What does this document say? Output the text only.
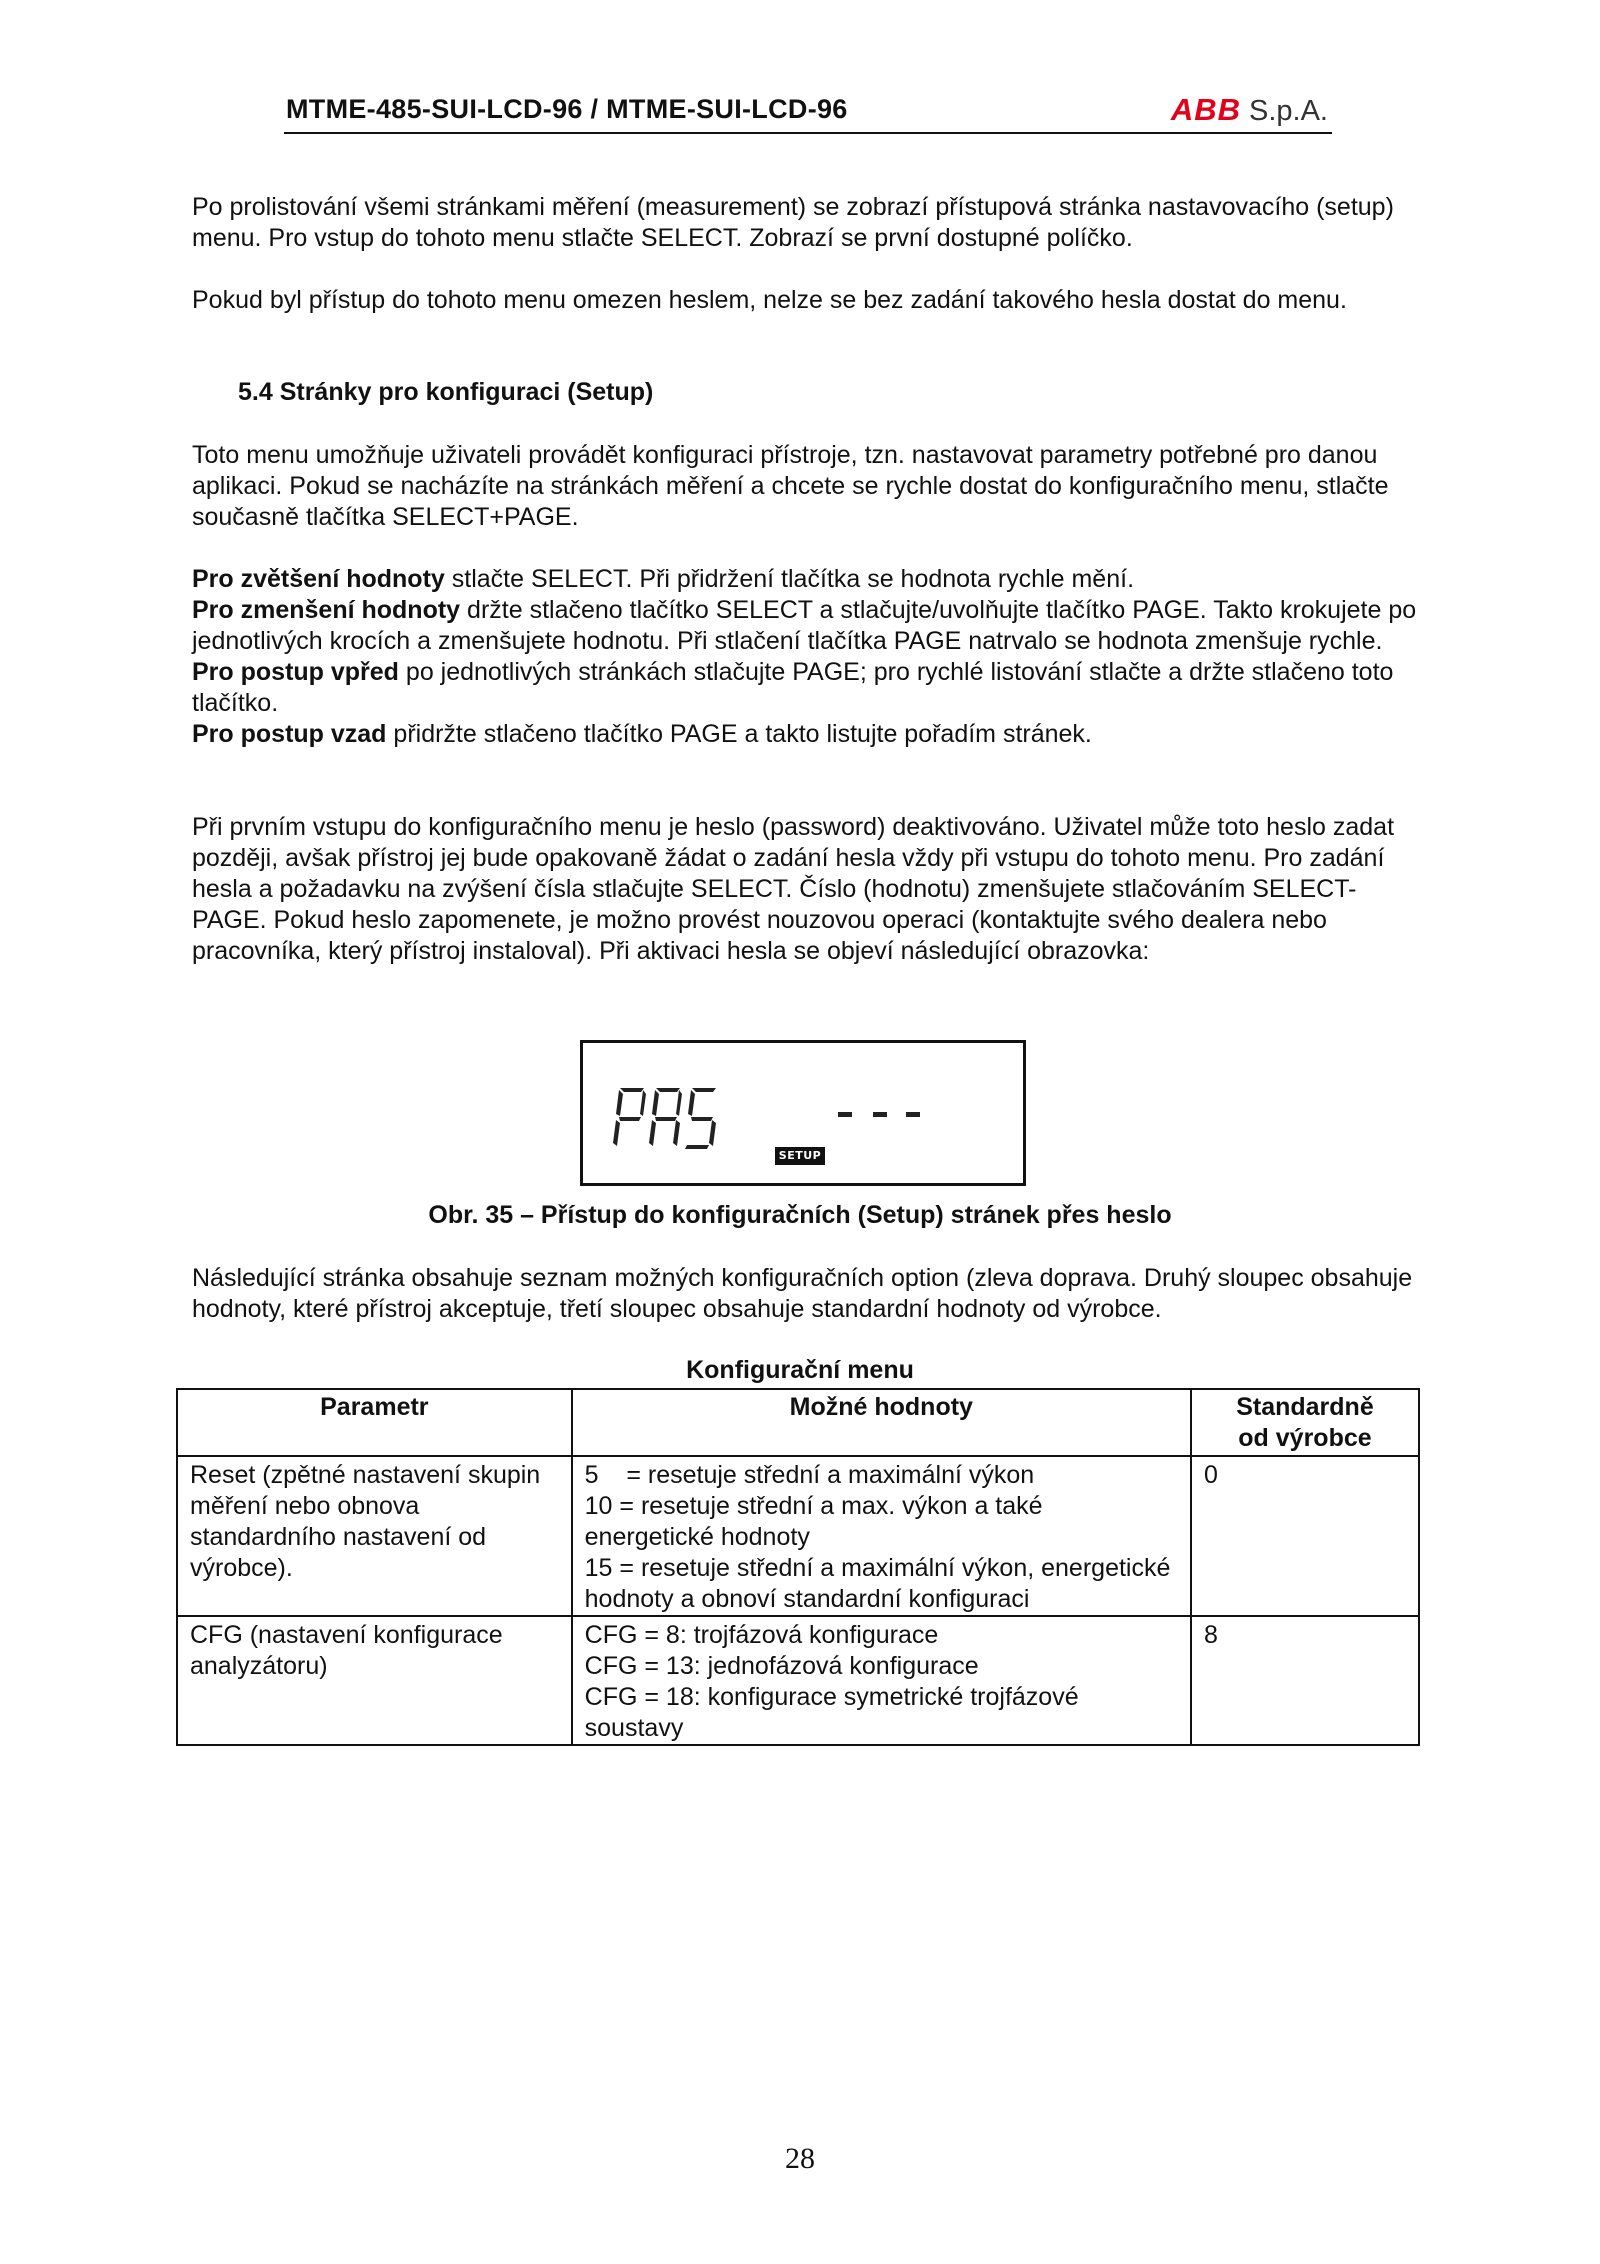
MTME-485-SUI-LCD-96 / MTME-SUI-LCD-96	ABB S.p.A.

Po prolistování všemi stránkami měření (measurement) se zobrazí přístupová stránka nastavovacího (setup) menu. Pro vstup do tohoto menu stlačte SELECT. Zobrazí se první dostupné políčko.

Pokud byl přístup do tohoto menu omezen heslem, nelze se bez zadání takového hesla dostat do menu.

5.4 Stránky pro konfiguraci (Setup)

Toto menu umožňuje uživateli provádět konfiguraci přístroje, tzn. nastavovat parametry potřebné pro danou aplikaci. Pokud se nacházíte na stránkách měření a chcete se rychle dostat do konfiguračního menu, stlačte současně tlačítka SELECT+PAGE.

Pro zvětšení hodnoty stlačte SELECT. Při přidržení tlačítka se hodnota rychle mění.

Pro zmenšení hodnoty držte stlačeno tlačítko SELECT a stlačujte/uvolňujte tlačítko PAGE. Takto krokujete po jednotlivých krocích a zmenšujete hodnotu. Při stlačení tlačítka PAGE natrvalo se hodnota zmenšuje rychle.

Pro postup vpřed po jednotlivých stránkách stlačujte PAGE; pro rychlé listování stlačte a držte stlačeno toto tlačítko.

Pro postup vzad přidržte stlačeno tlačítko PAGE a takto listujte pořadím stránek.

Při prvním vstupu do konfiguračního menu je heslo (password) deaktivováno. Uživatel může toto heslo zadat později, avšak přístroj jej bude opakovaně žádat o zadání hesla vždy při vstupu do tohoto menu. Pro zadání hesla a požadavku na zvýšení čísla stlačujte SELECT. Číslo (hodnotu) zmenšujete stlačováním SELECT-PAGE. Pokud heslo zapomenete, je možno provést nouzovou operaci (kontaktujte svého dealera nebo pracovníka, který přístroj instaloval). Při aktivaci hesla se objeví následující obrazovka:

SETUP
Obr. 35 – Přístup do konfiguračních (Setup) stránek přes heslo

Následující stránka obsahuje seznam možných konfiguračních option (zleva doprava. Druhý sloupec obsahuje hodnoty, které přístroj akceptuje, třetí sloupec obsahuje standardní hodnoty od výrobce.

Konfigurační menu
Parametr	Možné hodnoty	Standardně
od výrobce

Reset (zpětné nastavení skupin měření nebo obnova standardního nastavení od výrobce).	5    = resetuje střední a maximální výkon
10 = resetuje střední a max. výkon a také energetické hodnoty
15 = resetuje střední a maximální výkon, energetické hodnoty a obnoví standardní konfiguraci	0
CFG (nastavení konfigurace analyzátoru)	CFG = 8: trojfázová konfigurace
CFG = 13: jednofázová konfigurace
CFG = 18: konfigurace symetrické trojfázové soustavy	8
28
